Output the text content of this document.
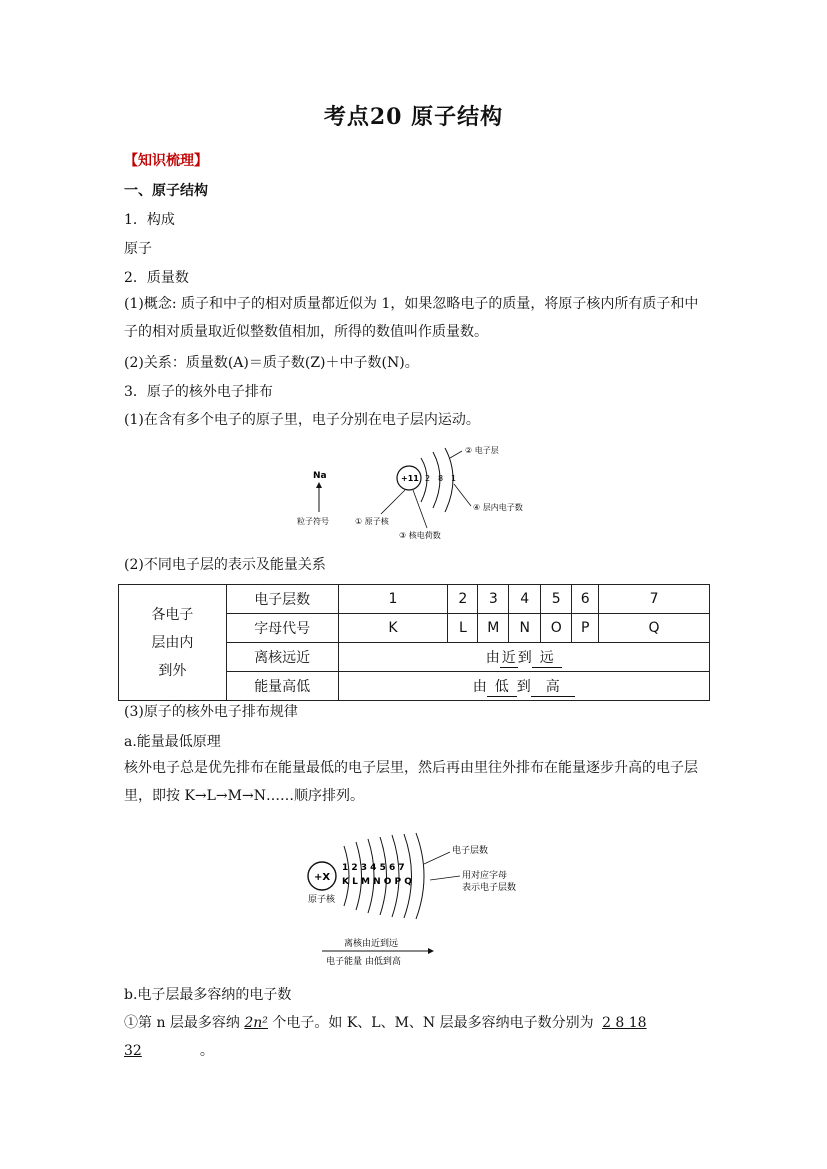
考点20 原子结构
【知识梳理】
一、原子结构
1．构成
原子
2．质量数
(1)概念: 质子和中子的相对质量都近似为 1，如果忽略电子的质量，将原子核内所有质子和中子的相对质量取近似整数值相加，所得的数值叫作质量数。
(2)关系：质量数(A)＝质子数(Z)＋中子数(N)。
3．原子的核外电子排布
(1)在含有多个电子的原子里，电子分别在电子层内运动。
Na
粒子符号
+11 2 8 1
② 电子层
① 原子核
③ 核电荷数
④ 层内电子数
(2)不同电子层的表示及能量关系
各电子
层由内
到外	电子层数	1	2	3	4	5	6	7
	字母代号	K	L	M	N	O	P	Q
	离核远近	由 近 到 远						
	能量高低	由 低 到 高						
(3)原子的核外电子排布规律
a.能量最低原理
核外电子总是优先排布在能量最低的电子层里，然后再由里往外排布在能量逐步升高的电子层里，即按 K→L→M→N……顺序排列。
+X
原子核
1 2 3 4 5 6 7
K L M N O P Q
电子层数
用对应字母
表示电子层数
离核由近到远
电子能量 由低到高
b.电子层最多容纳的电子数
①第 n 层最多容纳 2n² 个电子。如 K、L、M、N 层最多容纳电子数分别为 2 8 18
32	。
